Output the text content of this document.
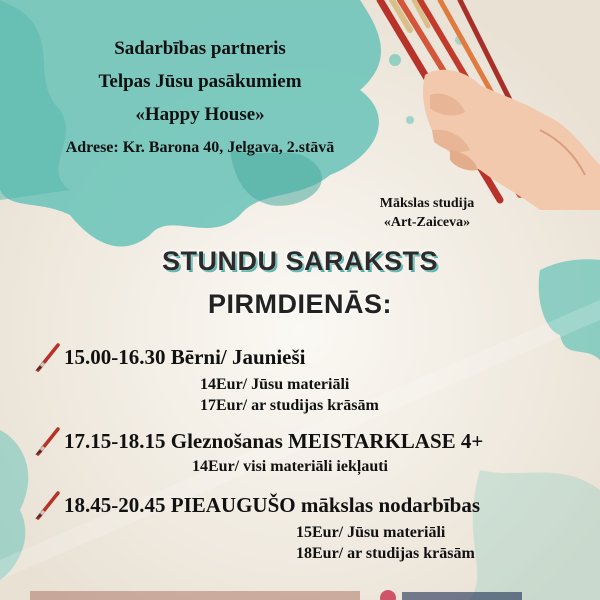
Sadarbības partneris
Telpas Jūsu pasākumiem
«Happy House»
Adrese: Kr. Barona 40, Jelgava, 2.stāvā
Mākslas studija
«Art-Zaiceva»
STUNDU SARAKSTS
PIRMDIENĀS:
15.00-16.30 Bērni/ Jaunieši
14Eur/ Jūsu materiāli
17Eur/ ar studijas krāsām
17.15-18.15 Gleznošanas MEISTARKLASE 4+
14Eur/ visi materiāli iekļauti
18.45-20.45 PIEAUGUŠO mākslas nodarbības
15Eur/ Jūsu materiāli
18Eur/ ar studijas krāsām
